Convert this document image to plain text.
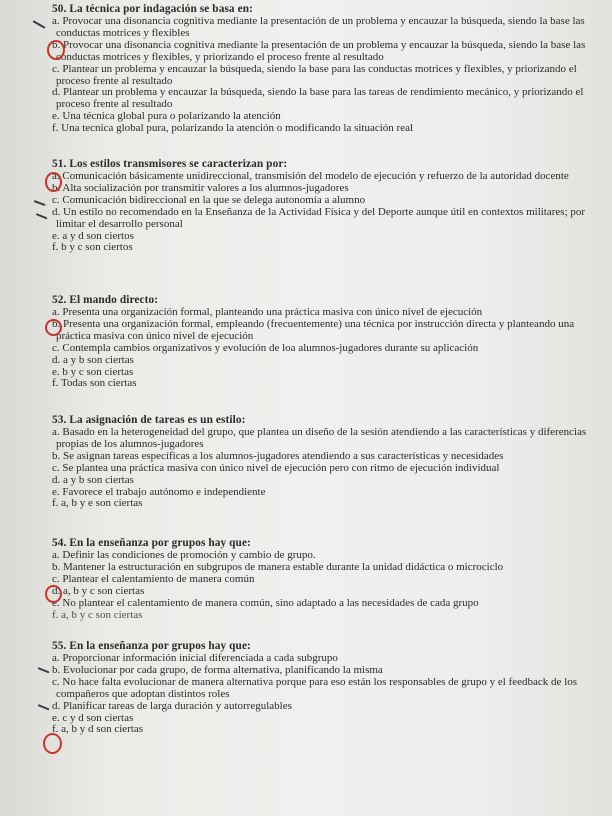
50. La técnica por indagación se basa en:

a. Provocar una disonancia cognitiva mediante la presentación de un problema y encauzar la búsqueda, siendo la base las conductas motrices y flexibles

b. Provocar una disonancia cognitiva mediante la presentación de un problema y encauzar la búsqueda, siendo la base las conductas motrices y flexibles, y priorizando el proceso frente al resultado

c. Plantear un problema y encauzar la búsqueda, siendo la base para las conductas motrices y flexibles, y priorizando el proceso frente al resultado

d. Plantear un problema y encauzar la búsqueda, siendo la base para las tareas de rendimiento mecánico, y priorizando el proceso frente al resultado

e. Una técnica global pura o polarizando la atención

f. Una tecnica global pura, polarizando la atención o modificando la situación real

51. Los estilos transmisores se caracterizan por:

a. Comunicación básicamente unidireccional, transmisión del modelo de ejecución y refuerzo de la autoridad docente

b. Alta socialización por transmitir valores a los alumnos-jugadores

c. Comunicación bidireccional en la que se delega autonomía a alumno

d. Un estilo no recomendado en la Enseñanza de la Actividad Física y del Deporte aunque útil en contextos militares; por limitar el desarrollo personal

e. a y d son ciertos

f. b y c son ciertos

52. El mando directo:

a. Presenta una organización formal, planteando una práctica masiva con único nivel de ejecución

b. Presenta una organización formal, empleando (frecuentemente) una técnica por instrucción directa y planteando una práctica masiva con único nivel de ejecución

c. Contempla cambios organizativos y evolución de loa alumnos-jugadores durante su aplicación

d. a y b son ciertas

e. b y c son ciertas

f. Todas son ciertas

53. La asignación de tareas es un estilo:

a. Basado en la heterogeneidad del grupo, que plantea un diseño de la sesión atendiendo a las características y diferencias propias de los alumnos-jugadores

b. Se asignan tareas específicas a los alumnos-jugadores atendiendo a sus características y necesidades

c. Se plantea una práctica masiva con único nivel de ejecución pero con ritmo de ejecución individual

d. a y b son ciertas

e. Favorece el trabajo autónomo e independiente

f. a, b y e son ciertas

54. En la enseñanza por grupos hay que:

a. Definir las condiciones de promoción y cambio de grupo.

b. Mantener la estructuración en subgrupos de manera estable durante la unidad didáctica o microciclo

c. Plantear el calentamiento de manera común

d. a, b y c son ciertas

e. No plantear el calentamiento de manera común, sino adaptado a las necesidades de cada grupo

f. a, b y c son ciertas

55. En la enseñanza por grupos hay que:

a. Proporcionar información inicial diferenciada a cada subgrupo

b. Evolucionar por cada grupo, de forma alternativa, planificando la misma

c. No hace falta evolucionar de manera alternativa porque para eso están los responsables de grupo y el feedback de los compañeros que adoptan distintos roles

d. Planificar tareas de larga duración y autorregulables

e. c y d son ciertas

f. a, b y d son ciertas
